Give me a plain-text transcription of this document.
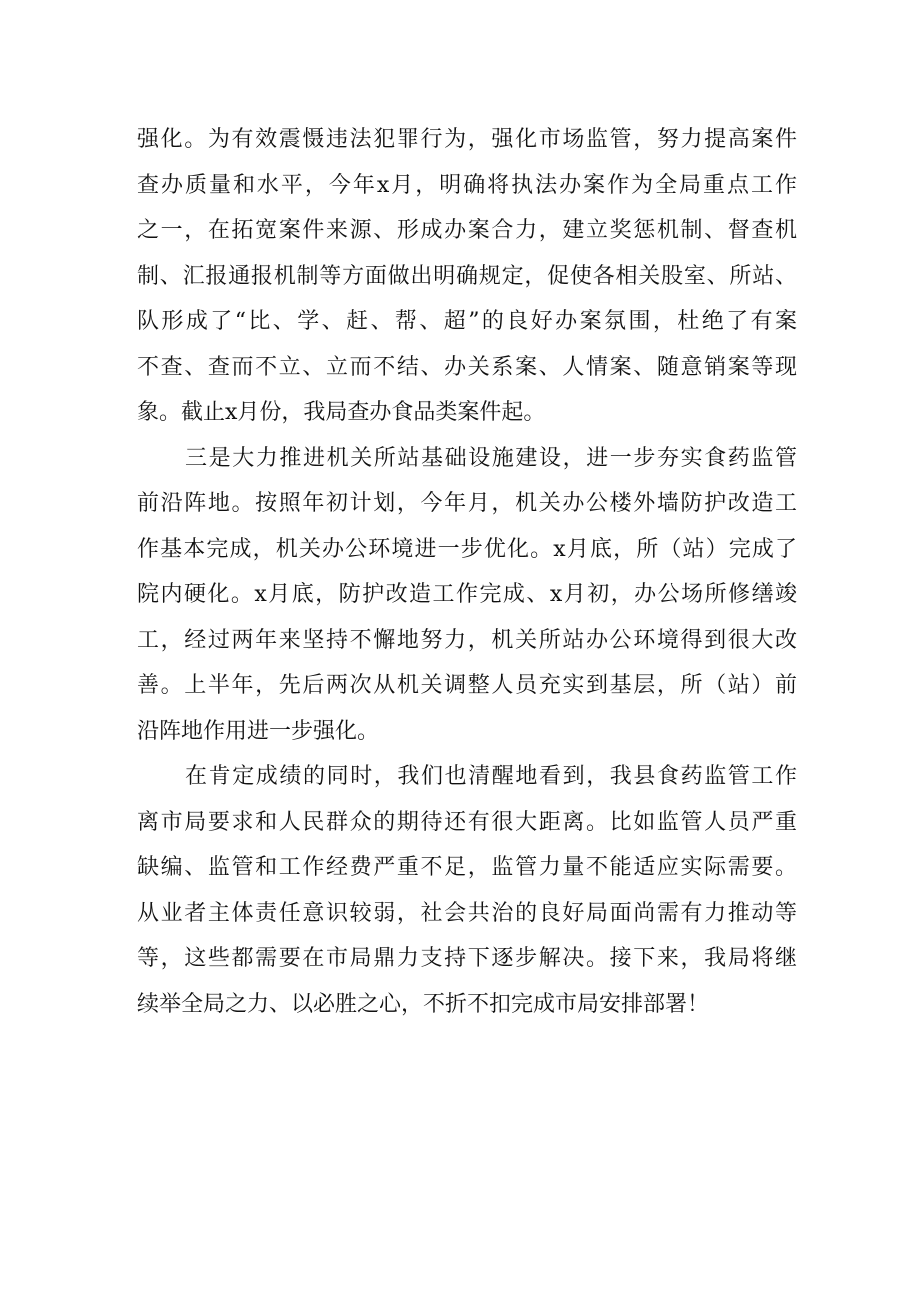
强化。为有效震慑违法犯罪行为，强化市场监管，努力提高案件
查办质量和水平，今年x月，明确将执法办案作为全局重点工作
之一，在拓宽案件来源、形成办案合力，建立奖惩机制、督查机
制、汇报通报机制等方面做出明确规定，促使各相关股室、所站、
队形成了“比、学、赶、帮、超”的良好办案氛围，杜绝了有案
不查、查而不立、立而不结、办关系案、人情案、随意销案等现
象。截止x月份，我局查办食品类案件起。
三是大力推进机关所站基础设施建设，进一步夯实食药监管
前沿阵地。按照年初计划，今年月，机关办公楼外墙防护改造工
作基本完成，机关办公环境进一步优化。x月底，所（站）完成了
院内硬化。x月底，防护改造工作完成、x月初，办公场所修缮竣
工，经过两年来坚持不懈地努力，机关所站办公环境得到很大改
善。上半年，先后两次从机关调整人员充实到基层，所（站）前
沿阵地作用进一步强化。
在肯定成绩的同时，我们也清醒地看到，我县食药监管工作
离市局要求和人民群众的期待还有很大距离。比如监管人员严重
缺编、监管和工作经费严重不足，监管力量不能适应实际需要。
从业者主体责任意识较弱，社会共治的良好局面尚需有力推动等
等，这些都需要在市局鼎力支持下逐步解决。接下来，我局将继
续举全局之力、以必胜之心，不折不扣完成市局安排部署！
